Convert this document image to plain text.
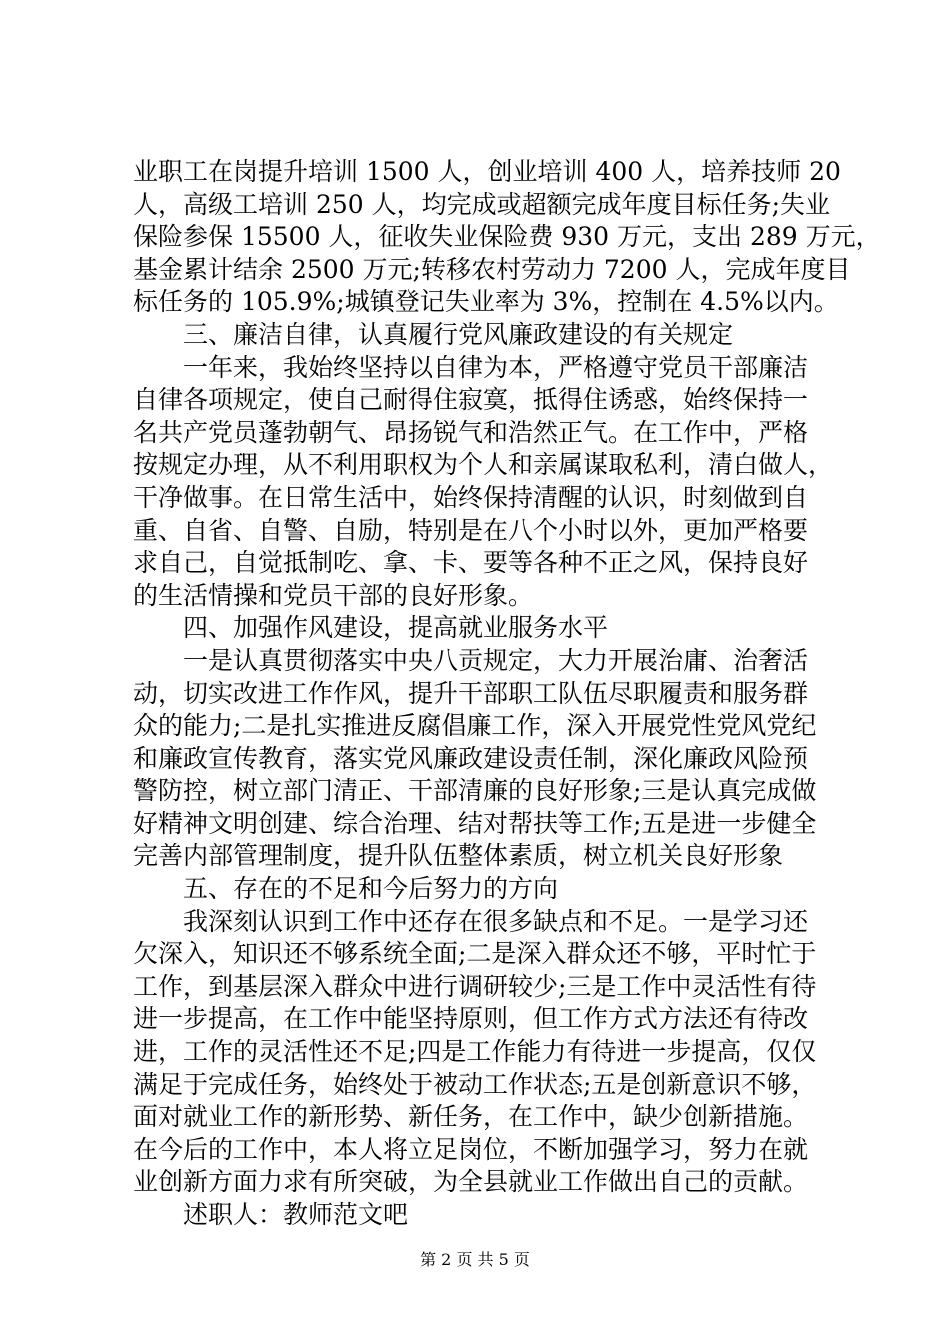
业职工在岗提升培训 1500 人，创业培训 400 人，培养技师 20
人，高级工培训 250 人，均完成或超额完成年度目标任务;失业
保险参保 15500 人，征收失业保险费 930 万元，支出 289 万元，
基金累计结余 2500 万元;转移农村劳动力 7200 人，完成年度目
标任务的 105.9%;城镇登记失业率为 3%，控制在 4.5%以内。
三、廉洁自律，认真履行党风廉政建设的有关规定
一年来，我始终坚持以自律为本，严格遵守党员干部廉洁
自律各项规定，使自己耐得住寂寞，抵得住诱惑，始终保持一
名共产党员蓬勃朝气、昂扬锐气和浩然正气。在工作中，严格
按规定办理，从不利用职权为个人和亲属谋取私利，清白做人，
干净做事。在日常生活中，始终保持清醒的认识，时刻做到自
重、自省、自警、自励，特别是在八个小时以外，更加严格要
求自己，自觉抵制吃、拿、卡、要等各种不正之风，保持良好
的生活情操和党员干部的良好形象。
四、加强作风建设，提高就业服务水平
一是认真贯彻落实中央八贡规定，大力开展治庸、治奢活
动，切实改进工作作风，提升干部职工队伍尽职履责和服务群
众的能力;二是扎实推进反腐倡廉工作，深入开展党性党风党纪
和廉政宣传教育，落实党风廉政建设责任制，深化廉政风险预
警防控，树立部门清正、干部清廉的良好形象;三是认真完成做
好精神文明创建、综合治理、结对帮扶等工作;五是进一步健全
完善内部管理制度，提升队伍整体素质，树立机关良好形象
五、存在的不足和今后努力的方向
我深刻认识到工作中还存在很多缺点和不足。一是学习还
欠深入，知识还不够系统全面;二是深入群众还不够，平时忙于
工作，到基层深入群众中进行调研较少;三是工作中灵活性有待
进一步提高，在工作中能坚持原则，但工作方式方法还有待改
进，工作的灵活性还不足;四是工作能力有待进一步提高，仅仅
满足于完成任务，始终处于被动工作状态;五是创新意识不够，
面对就业工作的新形势、新任务，在工作中，缺少创新措施。
在今后的工作中，本人将立足岗位，不断加强学习，努力在就
业创新方面力求有所突破，为全县就业工作做出自己的贡献。
述职人：教师范文吧
第 2 页 共 5 页
